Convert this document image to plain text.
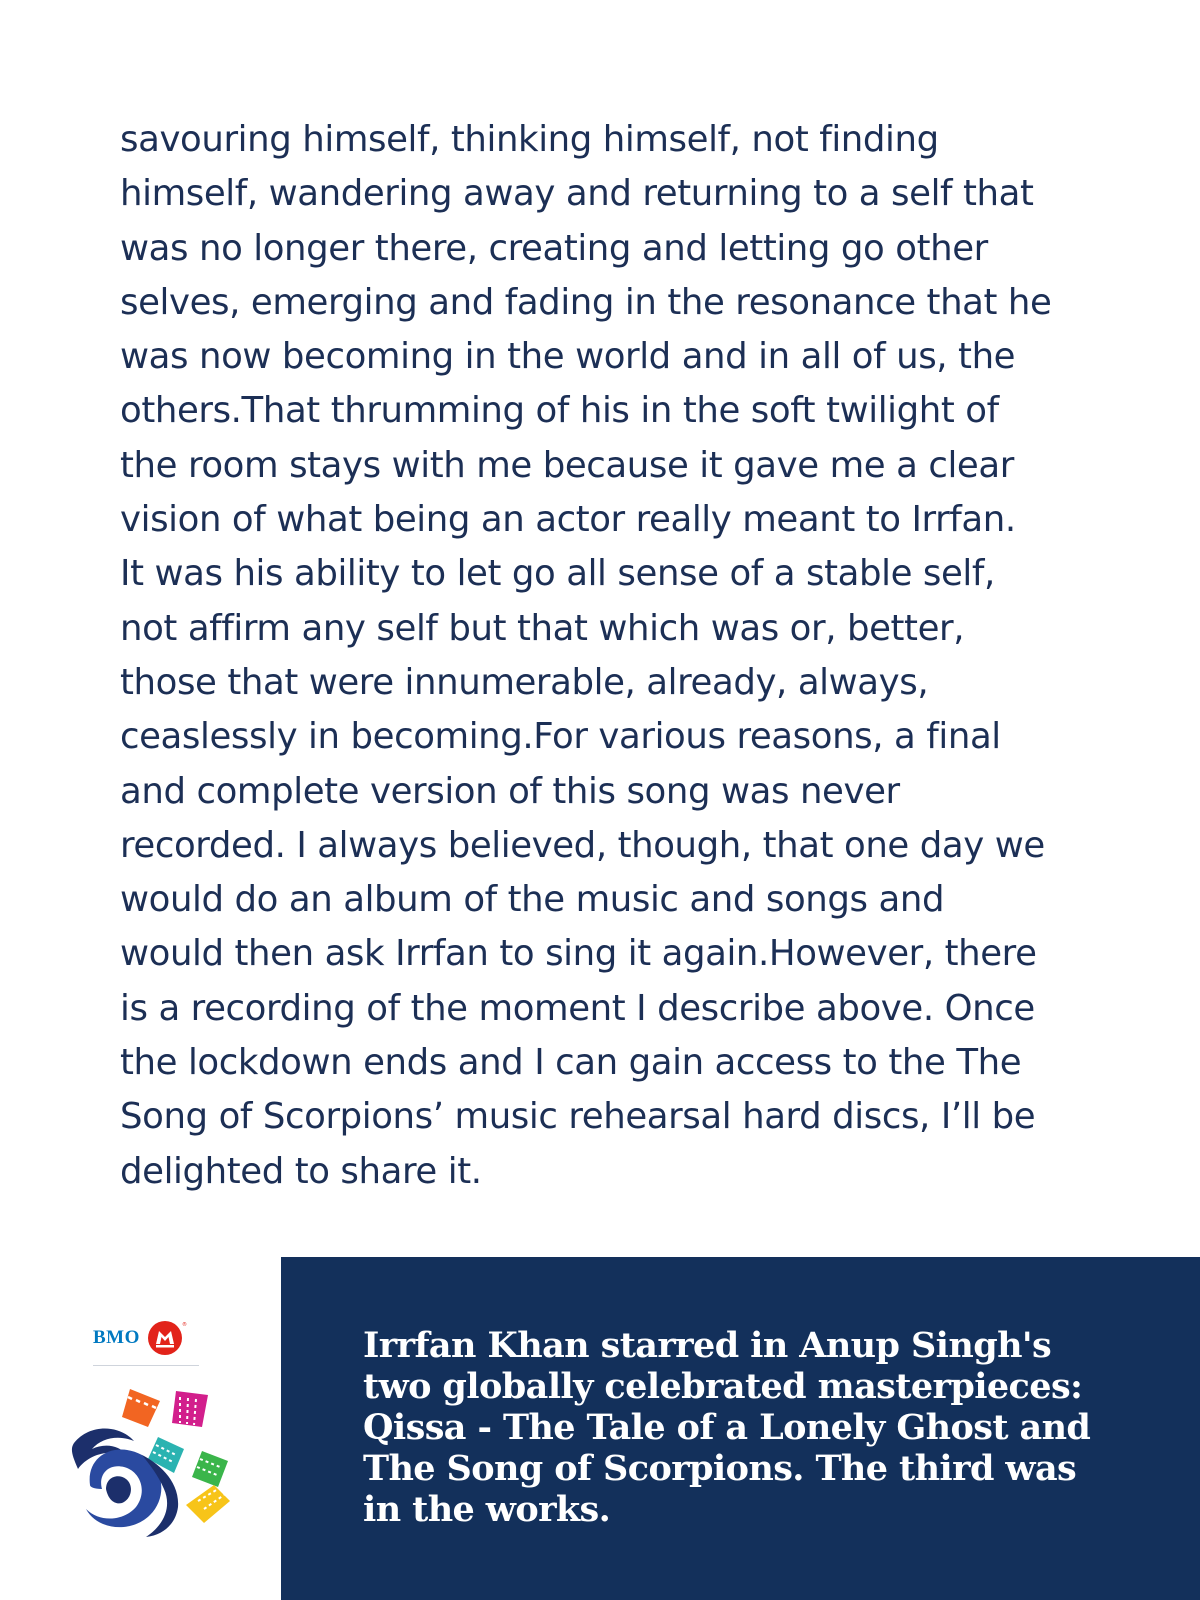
savouring himself, thinking himself, not finding
himself, wandering away and returning to a self that
was no longer there, creating and letting go other
selves, emerging and fading in the resonance that he
was now becoming in the world and in all of us, the
others.That thrumming of his in the soft twilight of
the room stays with me because it gave me a clear
vision of what being an actor really meant to Irrfan.
It was his ability to let go all sense of a stable self,
not affirm any self but that which was or, better,
those that were innumerable, already, always,
ceaslessly in becoming.For various reasons, a final
and complete version of this song was never
recorded. I always believed, though, that one day we
would do an album of the music and songs and
would then ask Irrfan to sing it again.However, there
is a recording of the moment I describe above. Once
the lockdown ends and I can gain access to the The
Song of Scorpions’ music rehearsal hard discs, I’ll be
delighted to share it.
BMO
®	Irrfan Khan starred in Anup Singh's
two globally celebrated masterpieces:
Qissa - The Tale of a Lonely Ghost and
The Song of Scorpions. The third was
in the works.
